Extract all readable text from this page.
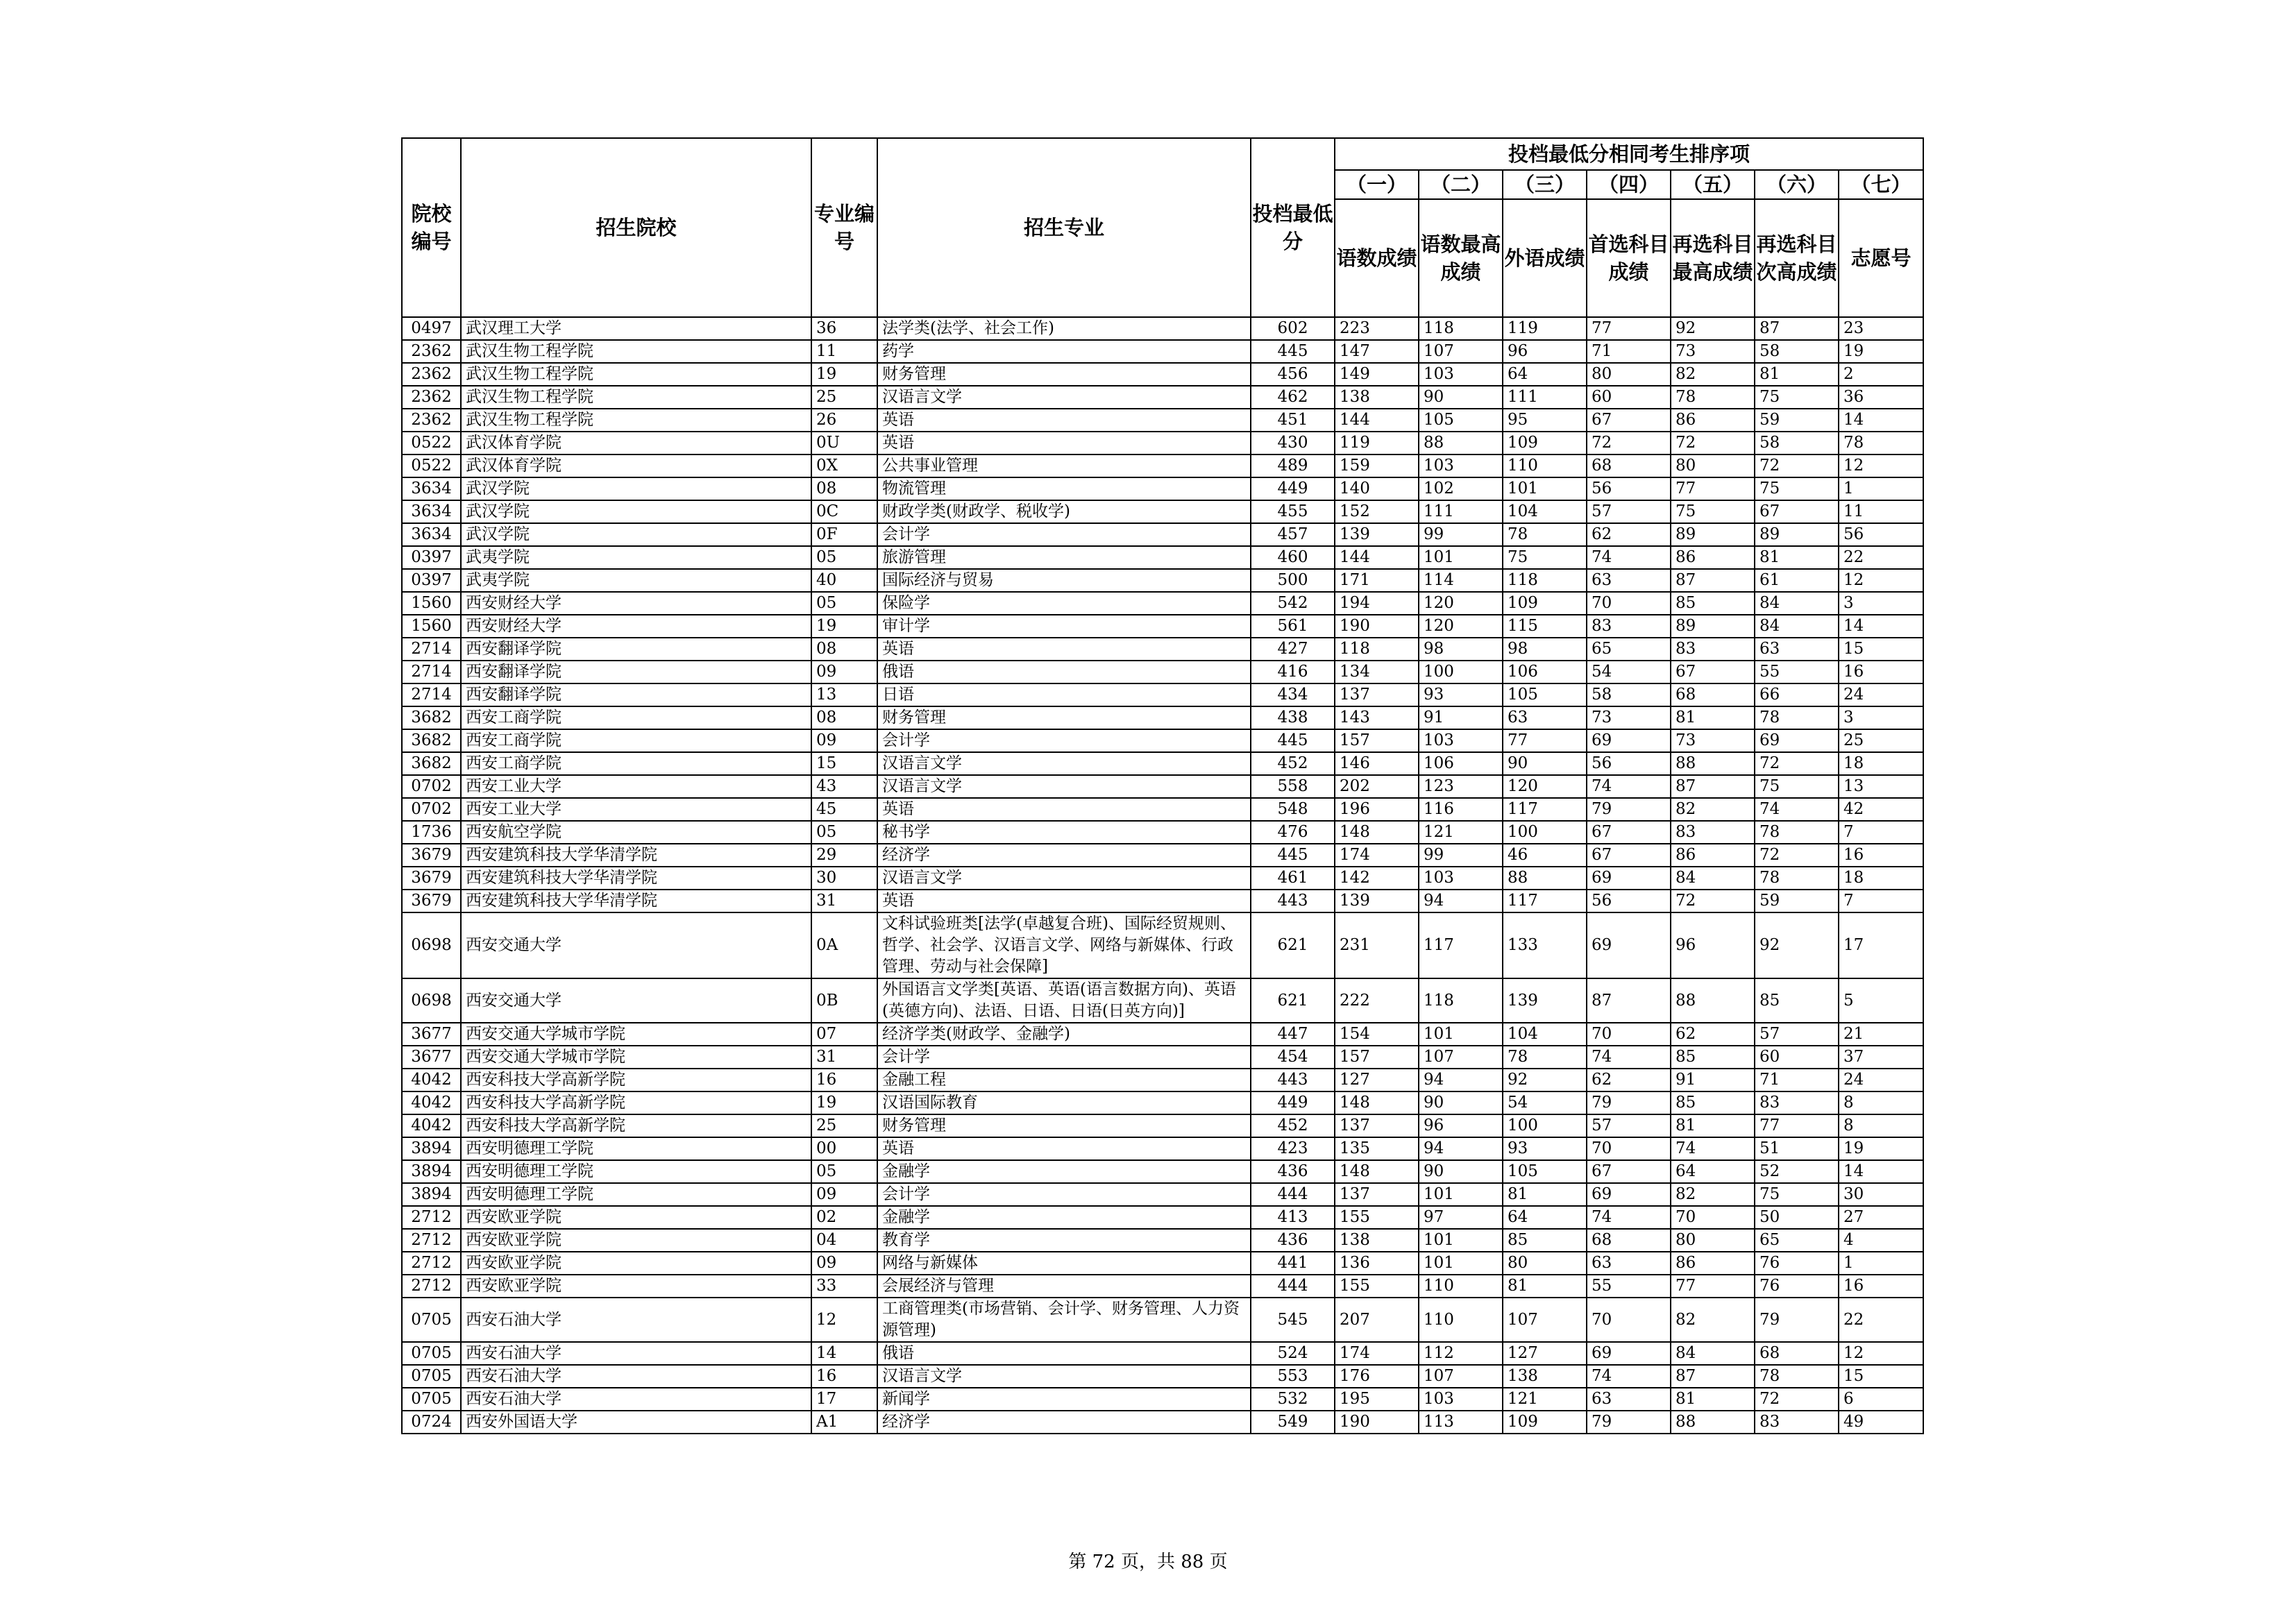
院校编号	招生院校	专业编号	招生专业	投档最低分	投档最低分相同考生排序项						
					（一）	（二）	（三）	（四）	（五）	（六）	（七）
					语数成绩	语数最高成绩	外语成绩	首选科目成绩	再选科目最高成绩	再选科目次高成绩	志愿号
0497	武汉理工大学	36	法学类(法学、社会工作)	602	223	118	119	77	92	87	23
2362	武汉生物工程学院	11	药学	445	147	107	96	71	73	58	19
2362	武汉生物工程学院	19	财务管理	456	149	103	64	80	82	81	2
2362	武汉生物工程学院	25	汉语言文学	462	138	90	111	60	78	75	36
2362	武汉生物工程学院	26	英语	451	144	105	95	67	86	59	14
0522	武汉体育学院	0U	英语	430	119	88	109	72	72	58	78
0522	武汉体育学院	0X	公共事业管理	489	159	103	110	68	80	72	12
3634	武汉学院	08	物流管理	449	140	102	101	56	77	75	1
3634	武汉学院	0C	财政学类(财政学、税收学)	455	152	111	104	57	75	67	11
3634	武汉学院	0F	会计学	457	139	99	78	62	89	89	56
0397	武夷学院	05	旅游管理	460	144	101	75	74	86	81	22
0397	武夷学院	40	国际经济与贸易	500	171	114	118	63	87	61	12
1560	西安财经大学	05	保险学	542	194	120	109	70	85	84	3
1560	西安财经大学	19	审计学	561	190	120	115	83	89	84	14
2714	西安翻译学院	08	英语	427	118	98	98	65	83	63	15
2714	西安翻译学院	09	俄语	416	134	100	106	54	67	55	16
2714	西安翻译学院	13	日语	434	137	93	105	58	68	66	24
3682	西安工商学院	08	财务管理	438	143	91	63	73	81	78	3
3682	西安工商学院	09	会计学	445	157	103	77	69	73	69	25
3682	西安工商学院	15	汉语言文学	452	146	106	90	56	88	72	18
0702	西安工业大学	43	汉语言文学	558	202	123	120	74	87	75	13
0702	西安工业大学	45	英语	548	196	116	117	79	82	74	42
1736	西安航空学院	05	秘书学	476	148	121	100	67	83	78	7
3679	西安建筑科技大学华清学院	29	经济学	445	174	99	46	67	86	72	16
3679	西安建筑科技大学华清学院	30	汉语言文学	461	142	103	88	69	84	78	18
3679	西安建筑科技大学华清学院	31	英语	443	139	94	117	56	72	59	7
0698	西安交通大学	0A	文科试验班类[法学(卓越复合班)、国际经贸规则、哲学、社会学、汉语言文学、网络与新媒体、行政管理、劳动与社会保障]	621	231	117	133	69	96	92	17
0698	西安交通大学	0B	外国语言文学类[英语、英语(语言数据方向)、英语(英德方向)、法语、日语、日语(日英方向)]	621	222	118	139	87	88	85	5
3677	西安交通大学城市学院	07	经济学类(财政学、金融学)	447	154	101	104	70	62	57	21
3677	西安交通大学城市学院	31	会计学	454	157	107	78	74	85	60	37
4042	西安科技大学高新学院	16	金融工程	443	127	94	92	62	91	71	24
4042	西安科技大学高新学院	19	汉语国际教育	449	148	90	54	79	85	83	8
4042	西安科技大学高新学院	25	财务管理	452	137	96	100	57	81	77	8
3894	西安明德理工学院	00	英语	423	135	94	93	70	74	51	19
3894	西安明德理工学院	05	金融学	436	148	90	105	67	64	52	14
3894	西安明德理工学院	09	会计学	444	137	101	81	69	82	75	30
2712	西安欧亚学院	02	金融学	413	155	97	64	74	70	50	27
2712	西安欧亚学院	04	教育学	436	138	101	85	68	80	65	4
2712	西安欧亚学院	09	网络与新媒体	441	136	101	80	63	86	76	1
2712	西安欧亚学院	33	会展经济与管理	444	155	110	81	55	77	76	16
0705	西安石油大学	12	工商管理类(市场营销、会计学、财务管理、人力资源管理)	545	207	110	107	70	82	79	22
0705	西安石油大学	14	俄语	524	174	112	127	69	84	68	12
0705	西安石油大学	16	汉语言文学	553	176	107	138	74	87	78	15
0705	西安石油大学	17	新闻学	532	195	103	121	63	81	72	6
0724	西安外国语大学	A1	经济学	549	190	113	109	79	88	83	49
第 72 页，共 88 页
